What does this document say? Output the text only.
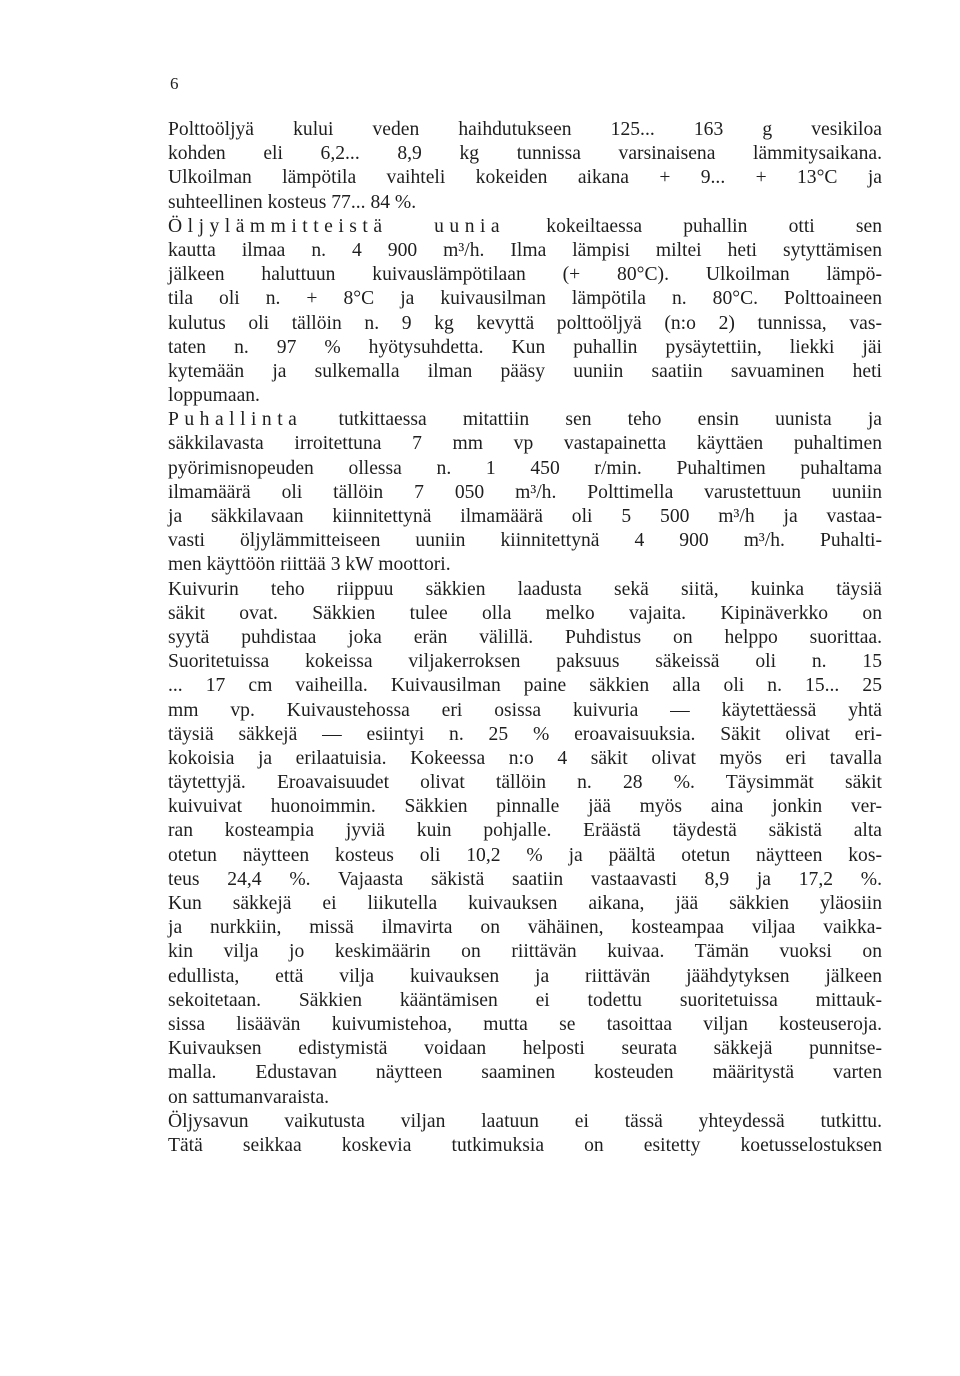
6

Polttoöljyä kului veden haihdutukseen 125... 163 g vesikiloa
kohden eli 6,2... 8,9 kg tunnissa varsinaisena lämmitysaikana.
Ulkoilman lämpötila vaihteli kokeiden aikana + 9... + 13°C ja
suhteellinen kosteus 77... 84 %.

Öljylämmitteistä uunia kokeiltaessa puhallin otti sen
kautta ilmaa n. 4 900 m³/h. Ilma lämpisi miltei heti sytyttämisen
jälkeen haluttuun kuivauslämpötilaan (+ 80°C). Ulkoilman lämpö-
tila oli n. + 8°C ja kuivausilman lämpötila n. 80°C. Polttoaineen
kulutus oli tällöin n. 9 kg kevyttä polttoöljyä (n:o 2) tunnissa, vas-
taten n. 97 % hyötysuhdetta. Kun puhallin pysäytettiin, liekki jäi
kytemään ja sulkemalla ilman pääsy uuniin saatiin savuaminen heti
loppumaan.

Puhallinta tutkittaessa mitattiin sen teho ensin uunista ja
säkkilavasta irroitettuna 7 mm vp vastapainetta käyttäen puhaltimen
pyörimisnopeuden ollessa n. 1 450 r/min. Puhaltimen puhaltama
ilmamäärä oli tällöin 7 050 m³/h. Polttimella varustettuun uuniin
ja säkkilavaan kiinnitettynä ilmamäärä oli 5 500 m³/h ja vastaa-
vasti öljylämmitteiseen uuniin kiinnitettynä 4 900 m³/h. Puhalti-
men käyttöön riittää 3 kW moottori.

Kuivurin teho riippuu säkkien laadusta sekä siitä, kuinka täysiä
säkit ovat. Säkkien tulee olla melko vajaita. Kipinäverkko on
syytä puhdistaa joka erän välillä. Puhdistus on helppo suorittaa.
Suoritetuissa kokeissa viljakerroksen paksuus säkeissä oli n. 15
... 17 cm vaiheilla. Kuivausilman paine säkkien alla oli n. 15... 25
mm vp. Kuivaustehossa eri osissa kuivuria — käytettäessä yhtä
täysiä säkkejä — esiintyi n. 25 % eroavaisuuksia. Säkit olivat eri-
kokoisia ja erilaatuisia. Kokeessa n:o 4 säkit olivat myös eri tavalla
täytettyjä. Eroavaisuudet olivat tällöin n. 28 %. Täysimmät säkit
kuivuivat huonoimmin. Säkkien pinnalle jää myös aina jonkin ver-
ran kosteampia jyviä kuin pohjalle. Eräästä täydestä säkistä alta
otetun näytteen kosteus oli 10,2 % ja päältä otetun näytteen kos-
teus 24,4 %. Vajaasta säkistä saatiin vastaavasti 8,9 ja 17,2 %.
Kun säkkejä ei liikutella kuivauksen aikana, jää säkkien yläosiin
ja nurkkiin, missä ilmavirta on vähäinen, kosteampaa viljaa vaikka-
kin vilja jo keskimäärin on riittävän kuivaa. Tämän vuoksi on
edullista, että vilja kuivauksen ja riittävän jäähdytyksen jälkeen
sekoitetaan. Säkkien kääntämisen ei todettu suoritetuissa mittauk-
sissa lisäävän kuivumistehoa, mutta se tasoittaa viljan kosteuseroja.
Kuivauksen edistymistä voidaan helposti seurata säkkejä punnitse-
malla. Edustavan näytteen saaminen kosteuden määritystä varten
on sattumanvaraista.

Öljysavun vaikutusta viljan laatuun ei tässä yhteydessä tutkittu.
Tätä seikkaa koskevia tutkimuksia on esitetty koetusselostuksen
